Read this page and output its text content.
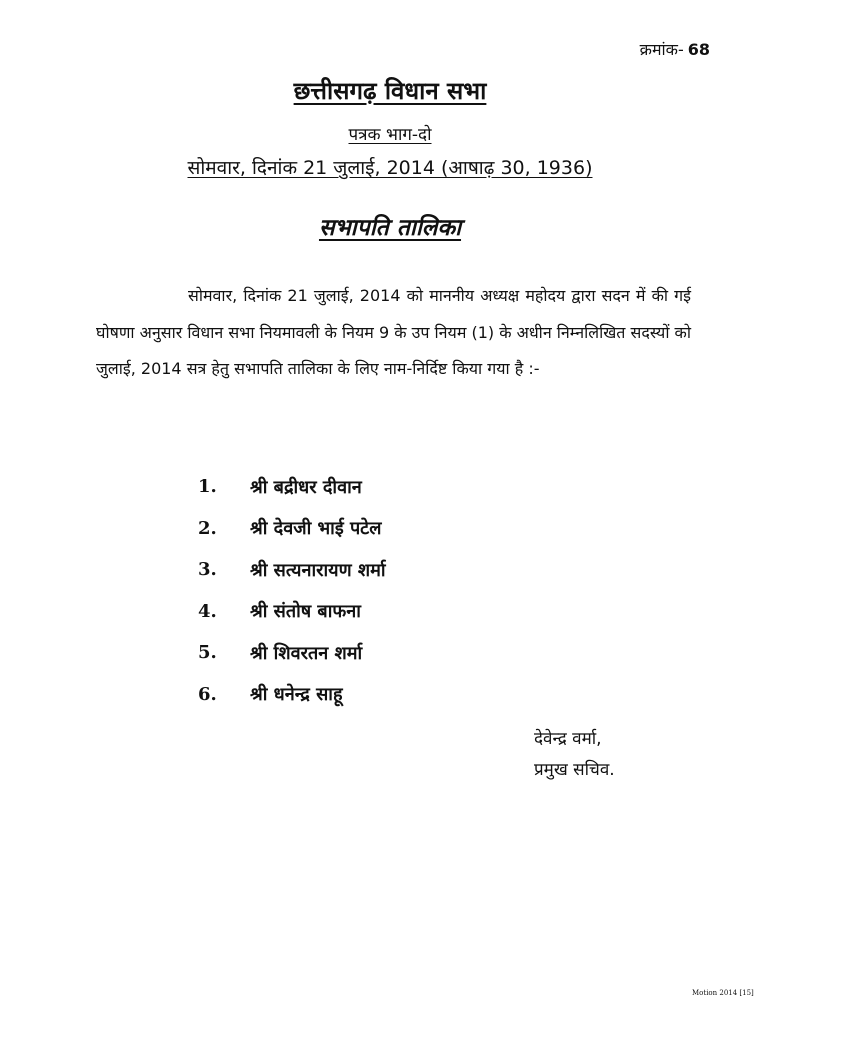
क्रमांक- 68
छत्तीसगढ़ विधान सभा
पत्रक भाग-दो
सोमवार, दिनांक 21 जुलाई, 2014 (आषाढ़ 30, 1936)
सभापति तालिका
सोमवार, दिनांक 21 जुलाई, 2014 को माननीय अध्यक्ष महोदय द्वारा सदन में की गई घोषणा अनुसार विधान सभा नियमावली के नियम 9 के उप नियम (1) के अधीन निम्नलिखित सदस्यों को जुलाई, 2014 सत्र हेतु सभापति तालिका के लिए नाम-निर्दिष्ट किया गया है :-
1.	श्री बद्रीधर दीवान
2.	श्री देवजी भाई पटेल
3.	श्री सत्यनारायण शर्मा
4.	श्री संतोष बाफना
5.	श्री शिवरतन शर्मा
6.	श्री धनेन्द्र साहू
देवेन्द्र वर्मा,
प्रमुख सचिव.
Motion 2014 [15]
